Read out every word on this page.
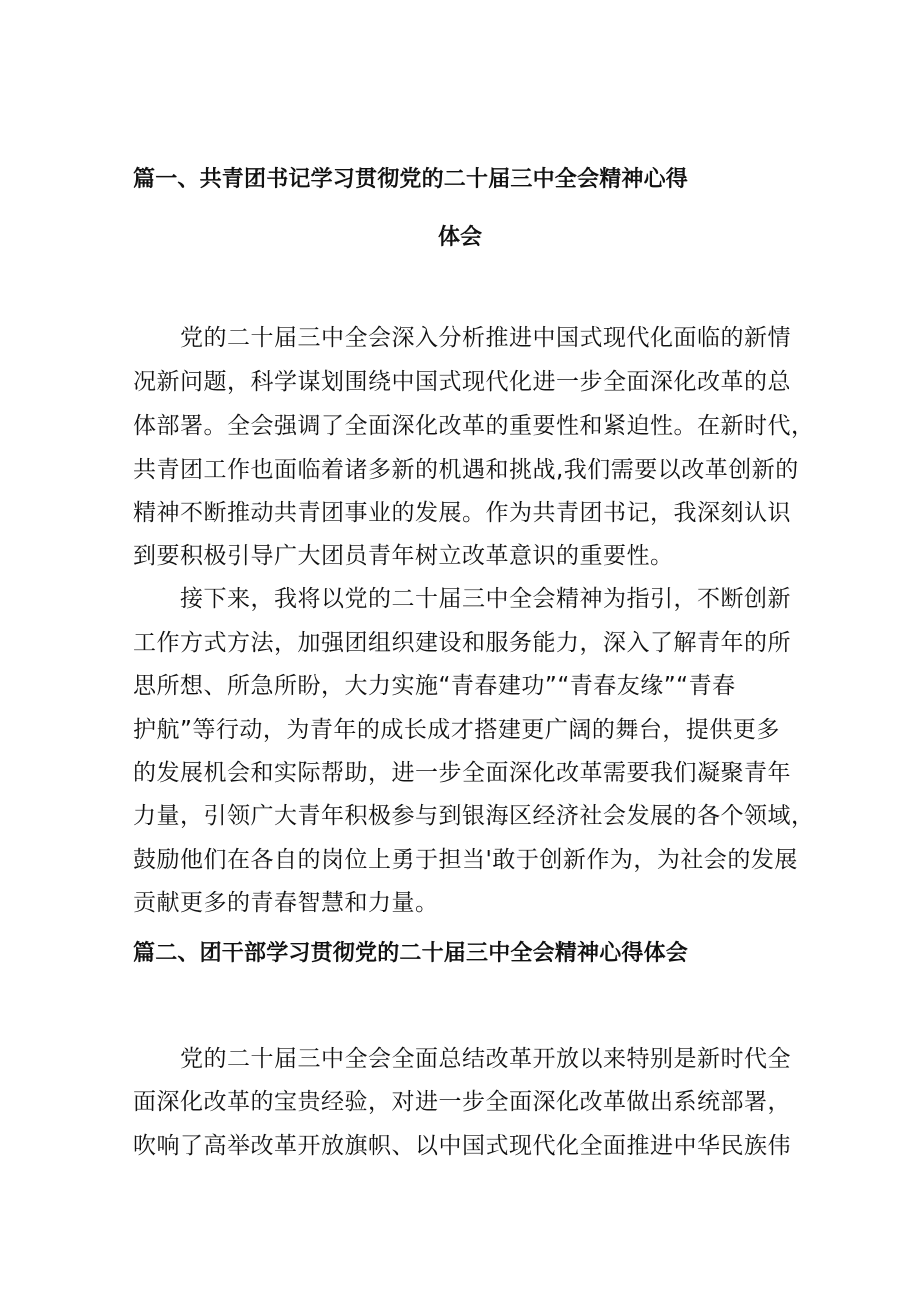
篇一、共青团书记学习贯彻党的二十届三中全会精神心得
体会
党的二十届三中全会深入分析推进中国式现代化面临的新情
况新问题，科学谋划围绕中国式现代化进一步全面深化改革的总
体部署。全会强调了全面深化改革的重要性和紧迫性。在新时代，
共青团工作也面临着诸多新的机遇和挑战,我们需要以改革创新的
精神不断推动共青团事业的发展。作为共青团书记，我深刻认识
到要积极引导广大团员青年树立改革意识的重要性。
接下来，我将以党的二十届三中全会精神为指引，不断创新
工作方式方法，加强团组织建设和服务能力，深入了解青年的所
思所想、所急所盼，大力实施“青春建功”“青春友缘”“青春
护航”等行动，为青年的成长成才搭建更广阔的舞台，提供更多
的发展机会和实际帮助，进一步全面深化改革需要我们凝聚青年
力量，引领广大青年积极参与到银海区经济社会发展的各个领域，
鼓励他们在各自的岗位上勇于担当'敢于创新作为，为社会的发展
贡献更多的青春智慧和力量。
篇二、团干部学习贯彻党的二十届三中全会精神心得体会
党的二十届三中全会全面总结改革开放以来特别是新时代全
面深化改革的宝贵经验，对进一步全面深化改革做出系统部署，
吹响了高举改革开放旗帜、以中国式现代化全面推进中华民族伟
